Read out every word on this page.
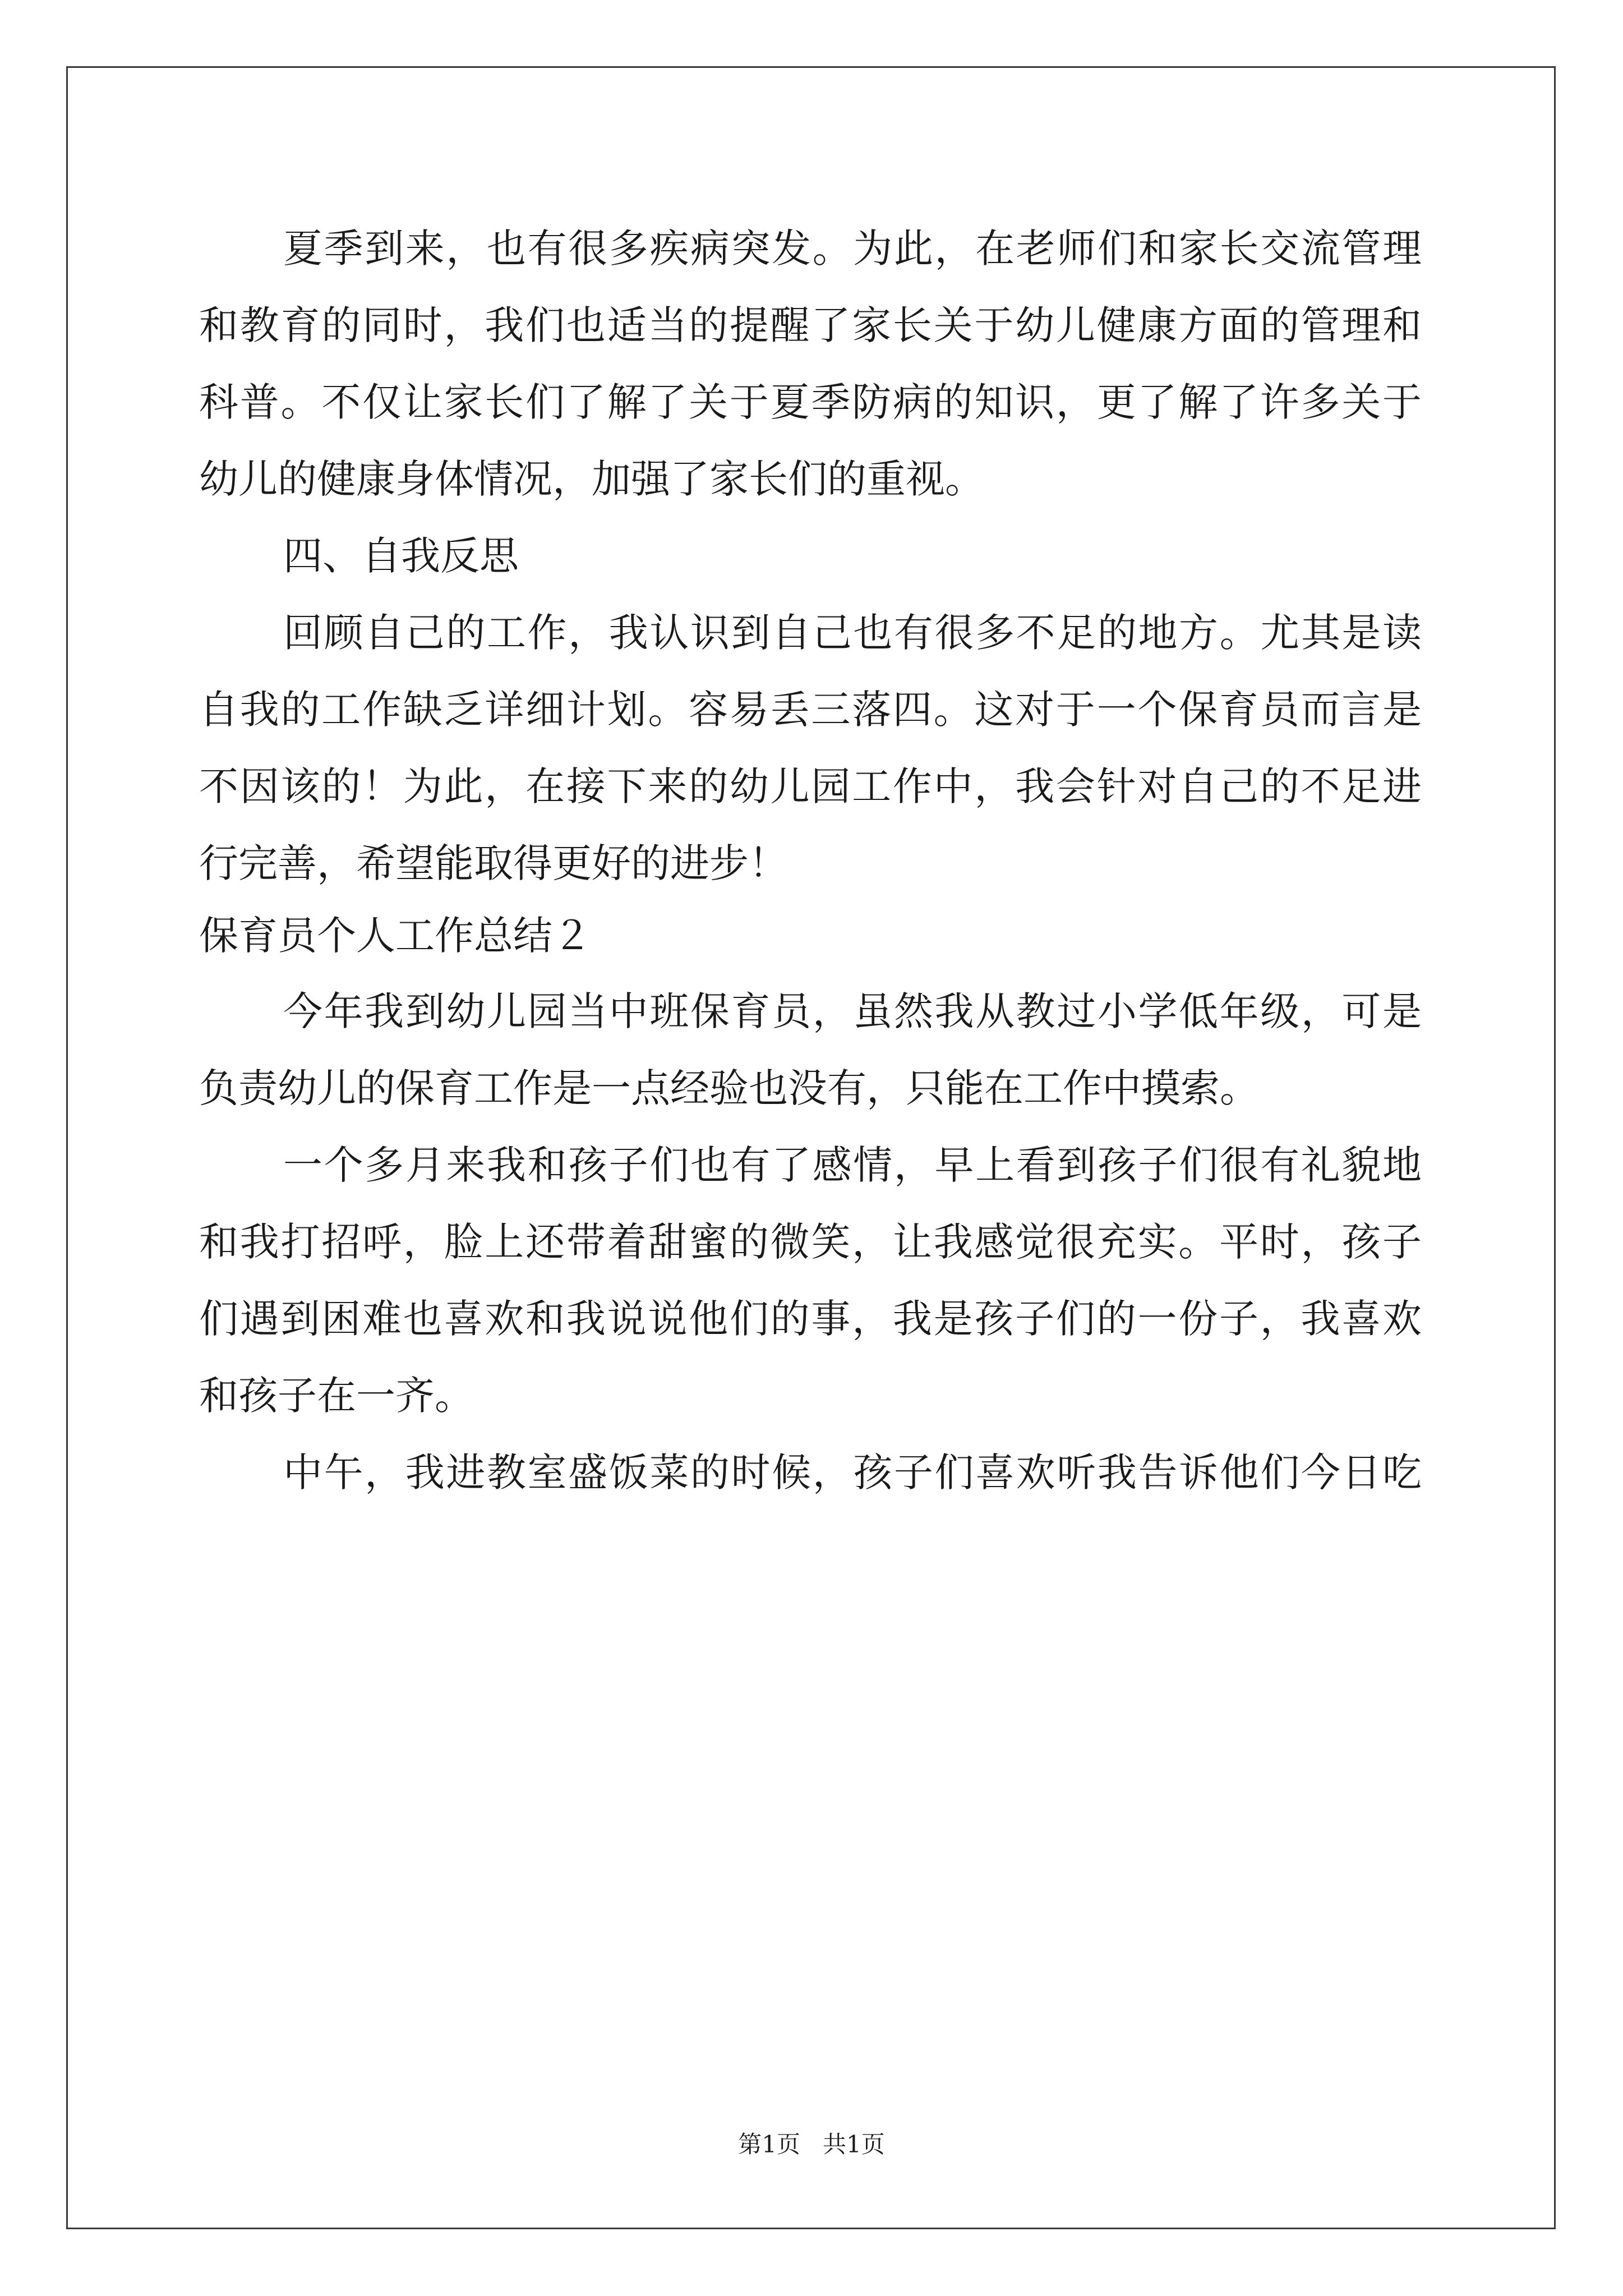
夏季到来，也有很多疾病突发。为此，在老师们和家长交流管理
和教育的同时，我们也适当的提醒了家长关于幼儿健康方面的管理和
科普。不仅让家长们了解了关于夏季防病的知识，更了解了许多关于
幼儿的健康身体情况，加强了家长们的重视。
四、自我反思
回顾自己的工作，我认识到自己也有很多不足的地方。尤其是读
自我的工作缺乏详细计划。容易丢三落四。这对于一个保育员而言是
不因该的！为此，在接下来的幼儿园工作中，我会针对自己的不足进
行完善，希望能取得更好的进步！
保育员个人工作总结２
今年我到幼儿园当中班保育员，虽然我从教过小学低年级，可是
负责幼儿的保育工作是一点经验也没有，只能在工作中摸索。
一个多月来我和孩子们也有了感情，早上看到孩子们很有礼貌地
和我打招呼，脸上还带着甜蜜的微笑，让我感觉很充实。平时，孩子
们遇到困难也喜欢和我说说他们的事，我是孩子们的一份子，我喜欢
和孩子在一齐。
中午，我进教室盛饭菜的时候，孩子们喜欢听我告诉他们今日吃
第1页 共1页
